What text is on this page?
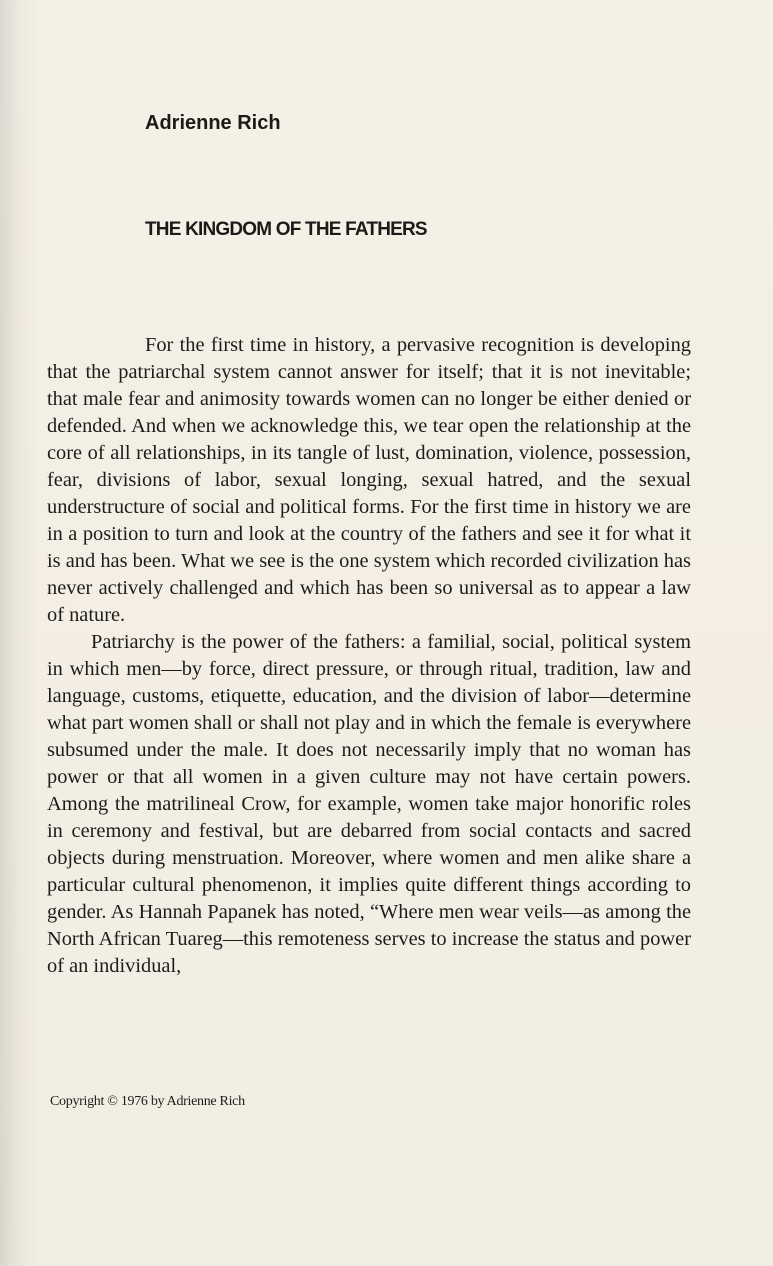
Adrienne Rich
THE KINGDOM OF THE FATHERS

For the first time in history, a pervasive recognition is developing that the patriarchal system cannot answer for itself; that it is not inevitable; that male fear and animosity towards women can no longer be either denied or defended. And when we acknowledge this, we tear open the relationship at the core of all relationships, in its tangle of lust, domination, violence, possession, fear, divisions of labor, sexual longing, sexual hatred, and the sexual understructure of social and political forms. For the first time in history we are in a position to turn and look at the country of the fathers and see it for what it is and has been. What we see is the one system which recorded civilization has never actively challenged and which has been so universal as to appear a law of nature.

Patriarchy is the power of the fathers: a familial, social, political system in which men—by force, direct pressure, or through ritual, tradition, law and language, customs, etiquette, education, and the division of labor—determine what part women shall or shall not play and in which the female is everywhere subsumed under the male. It does not necessarily imply that no woman has power or that all women in a given culture may not have certain powers. Among the matrilineal Crow, for example, women take major honorific roles in ceremony and festival, but are debarred from social contacts and sacred objects during menstruation. Moreover, where women and men alike share a particular cultural phenomenon, it implies quite different things according to gender. As Hannah Papanek has noted, “Where men wear veils—as among the North African Tuareg—this remoteness serves to increase the status and power of an individual,

Copyright © 1976 by Adrienne Rich
